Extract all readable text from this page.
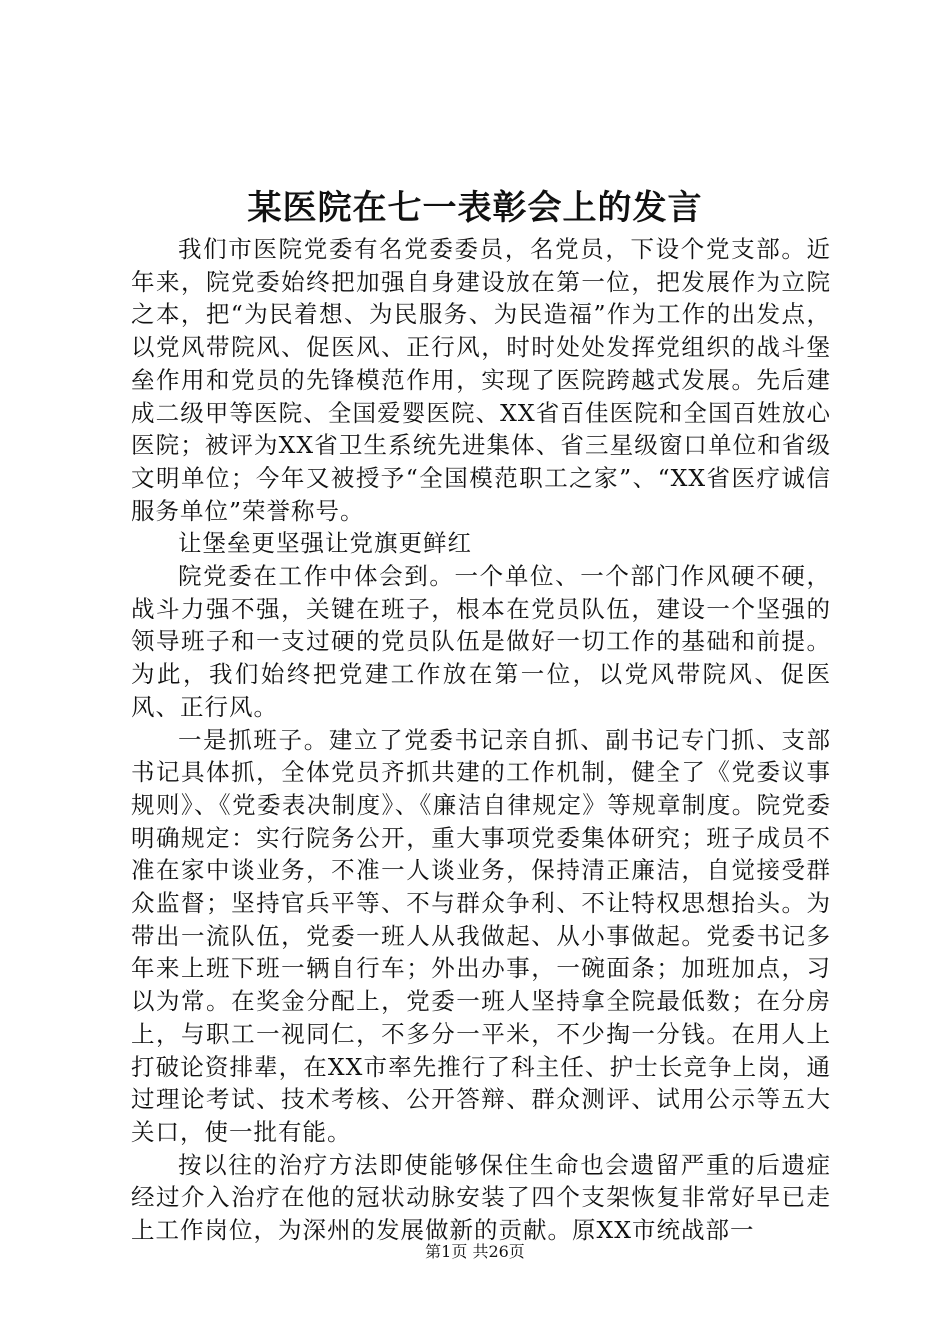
某医院在七一表彰会上的发言

我们市医院党委有名党委委员，名党员，下设个党支部。近年来，院党委始终把加强自身建设放在第一位，把发展作为立院之本，把“为民着想、为民服务、为民造福”作为工作的出发点，以党风带院风、促医风、正行风，时时处处发挥党组织的战斗堡垒作用和党员的先锋模范作用，实现了医院跨越式发展。先后建成二级甲等医院、全国爱婴医院、XX省百佳医院和全国百姓放心医院；被评为XX省卫生系统先进集体、省三星级窗口单位和省级文明单位；今年又被授予“全国模范职工之家”、“XX省医疗诚信服务单位”荣誉称号。

让堡垒更坚强让党旗更鲜红

院党委在工作中体会到。一个单位、一个部门作风硬不硬，战斗力强不强，关键在班子，根本在党员队伍，建设一个坚强的领导班子和一支过硬的党员队伍是做好一切工作的基础和前提。为此，我们始终把党建工作放在第一位，以党风带院风、促医风、正行风。

一是抓班子。建立了党委书记亲自抓、副书记专门抓、支部书记具体抓，全体党员齐抓共建的工作机制，健全了《党委议事规则》、《党委表决制度》、《廉洁自律规定》等规章制度。院党委明确规定：实行院务公开，重大事项党委集体研究；班子成员不准在家中谈业务，不准一人谈业务，保持清正廉洁，自觉接受群众监督；坚持官兵平等、不与群众争利、不让特权思想抬头。为带出一流队伍，党委一班人从我做起、从小事做起。党委书记多年来上班下班一辆自行车；外出办事，一碗面条；加班加点，习以为常。在奖金分配上，党委一班人坚持拿全院最低数；在分房上，与职工一视同仁，不多分一平米，不少掏一分钱。在用人上打破论资排辈，在XX市率先推行了科主任、护士长竞争上岗，通过理论考试、技术考核、公开答辩、群众测评、试用公示等五大关口，使一批有能。

按以往的治疗方法即使能够保住生命也会遗留严重的后遗症经过介入治疗在他的冠状动脉安装了四个支架恢复非常好早已走上工作岗位，为深州的发展做新的贡献。原XX市统战部一

第1页 共26页
